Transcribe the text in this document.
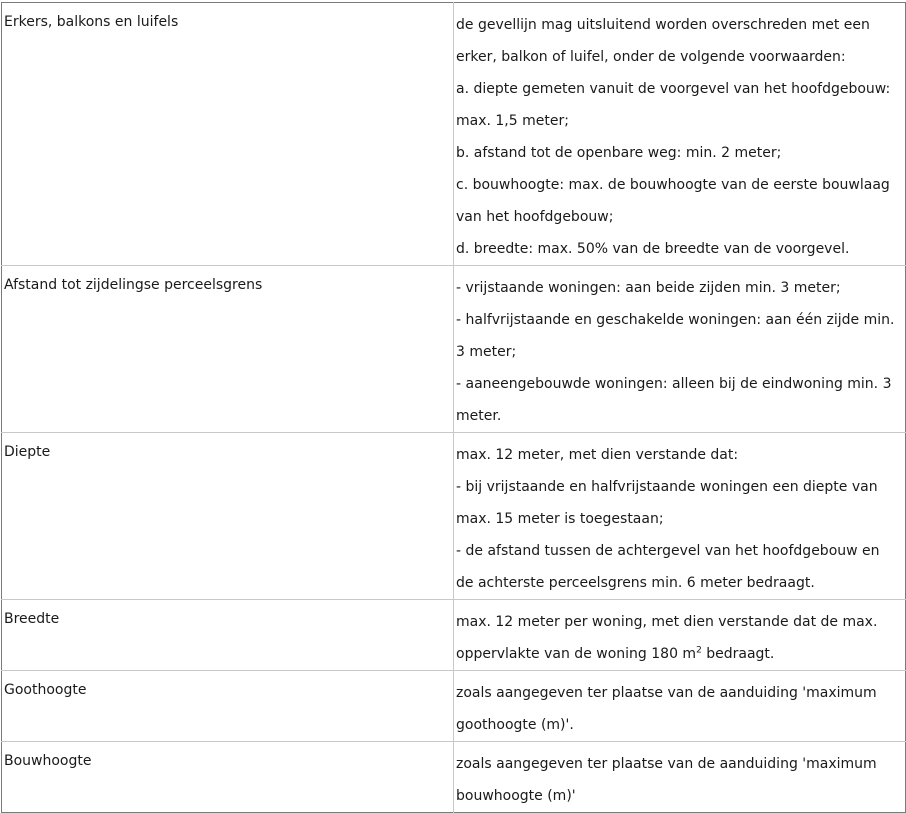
Erkers, balkons en luifels	de gevellijn mag uitsluitend worden overschreden met een erker, balkon of luifel, onder de volgende voorwaarden:
a. diepte gemeten vanuit de voorgevel van het hoofdgebouw: max. 1,5 meter;
b. afstand tot de openbare weg: min. 2 meter;
c. bouwhoogte: max. de bouwhoogte van de eerste bouwlaag van het hoofdgebouw;
d. breedte: max. 50% van de breedte van de voorgevel.

Afstand tot zijdelingse perceelsgrens	- vrijstaande woningen: aan beide zijden min. 3 meter;
- halfvrijstaande en geschakelde woningen: aan één zijde min. 3 meter;
- aaneengebouwde woningen: alleen bij de eindwoning min. 3 meter.

Diepte	max. 12 meter, met dien verstande dat:
- bij vrijstaande en halfvrijstaande woningen een diepte van max. 15 meter is toegestaan;
- de afstand tussen de achtergevel van het hoofdgebouw en de achterste perceelsgrens min. 6 meter bedraagt.

Breedte	max. 12 meter per woning, met dien verstande dat de max. oppervlakte van de woning 180 $m^2$ bedraagt.

Goothoogte	zoals aangegeven ter plaatse van de aanduiding 'maximum goothoogte (m)'.

Bouwhoogte	zoals aangegeven ter plaatse van de aanduiding 'maximum bouwhoogte (m)'
